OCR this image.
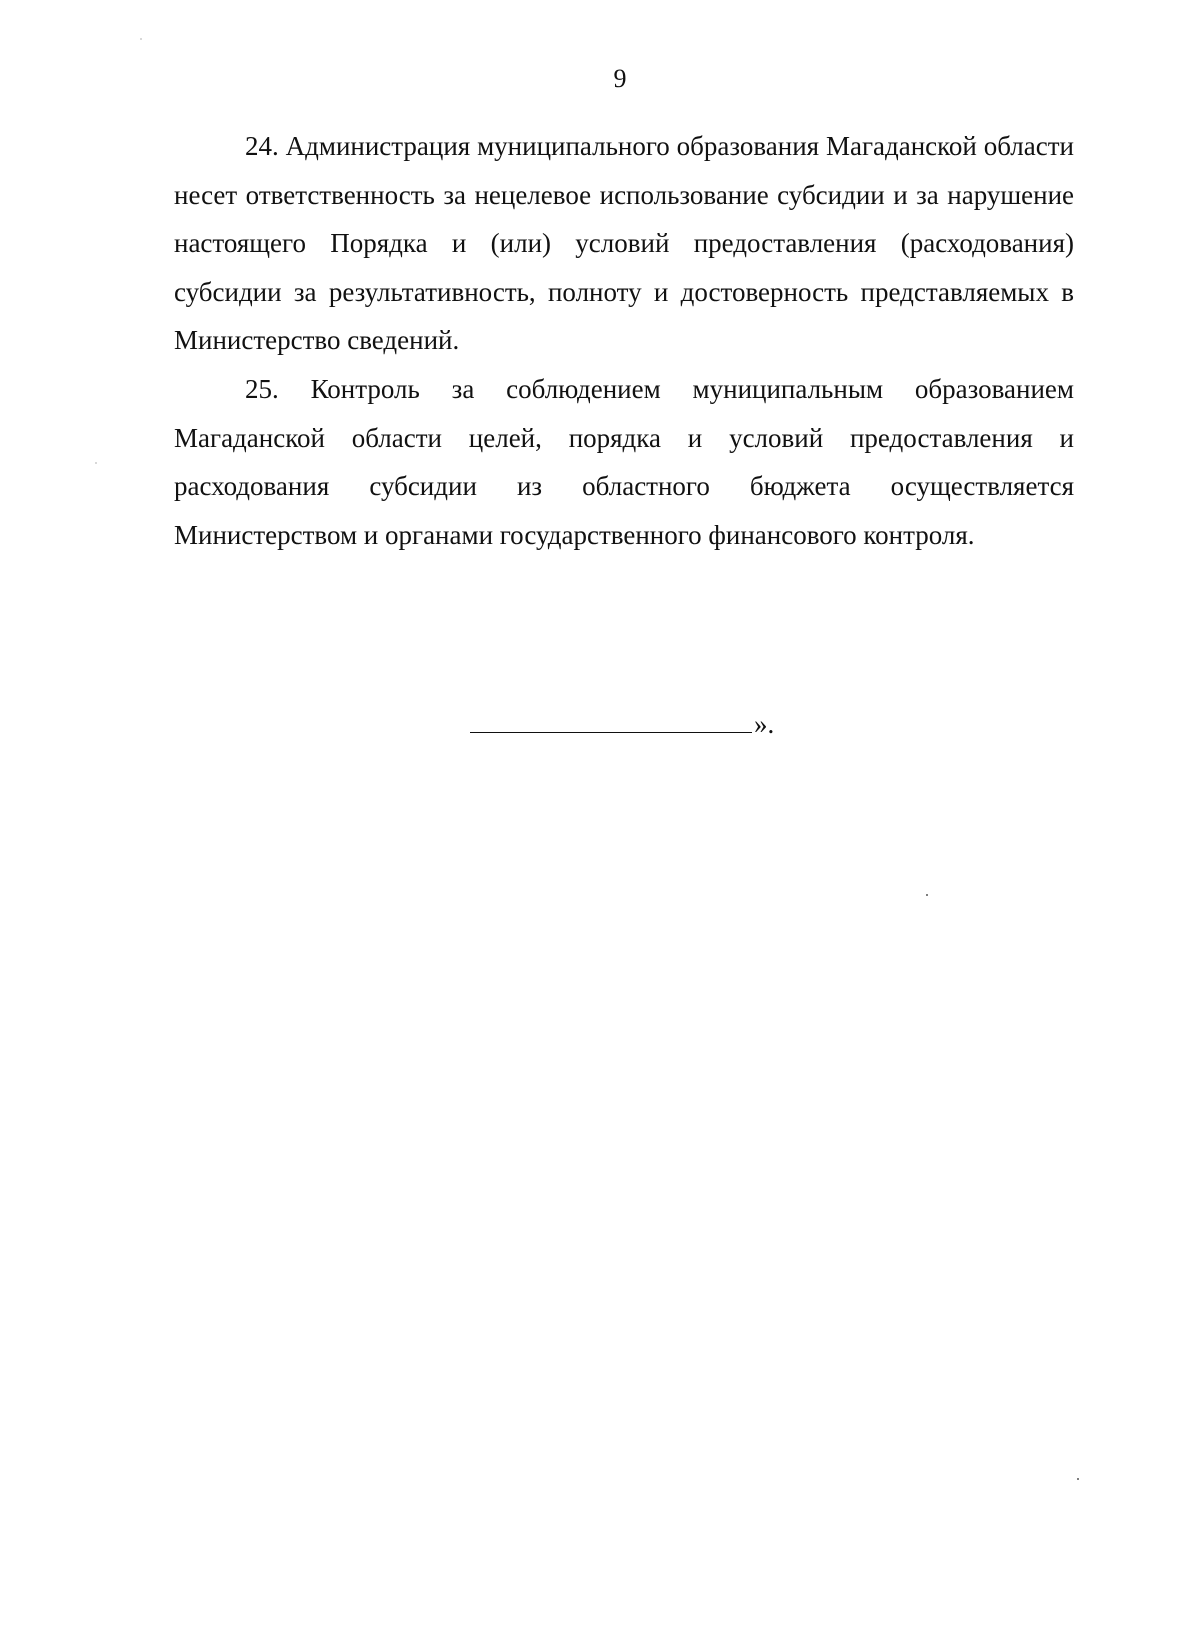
9

24. Администрация муниципального образования Магаданской области несет ответственность за нецелевое использование субсидии и за нарушение настоящего Порядка и (или) условий предоставления (расходования) субсидии за результативность, полноту и достоверность представляемых в Министерство сведений.

25. Контроль за соблюдением муниципальным образованием Магаданской области целей, порядка и условий предоставления и расходования субсидии из областного бюджета осуществляется Министерством и органами государственного финансового контроля.

».
